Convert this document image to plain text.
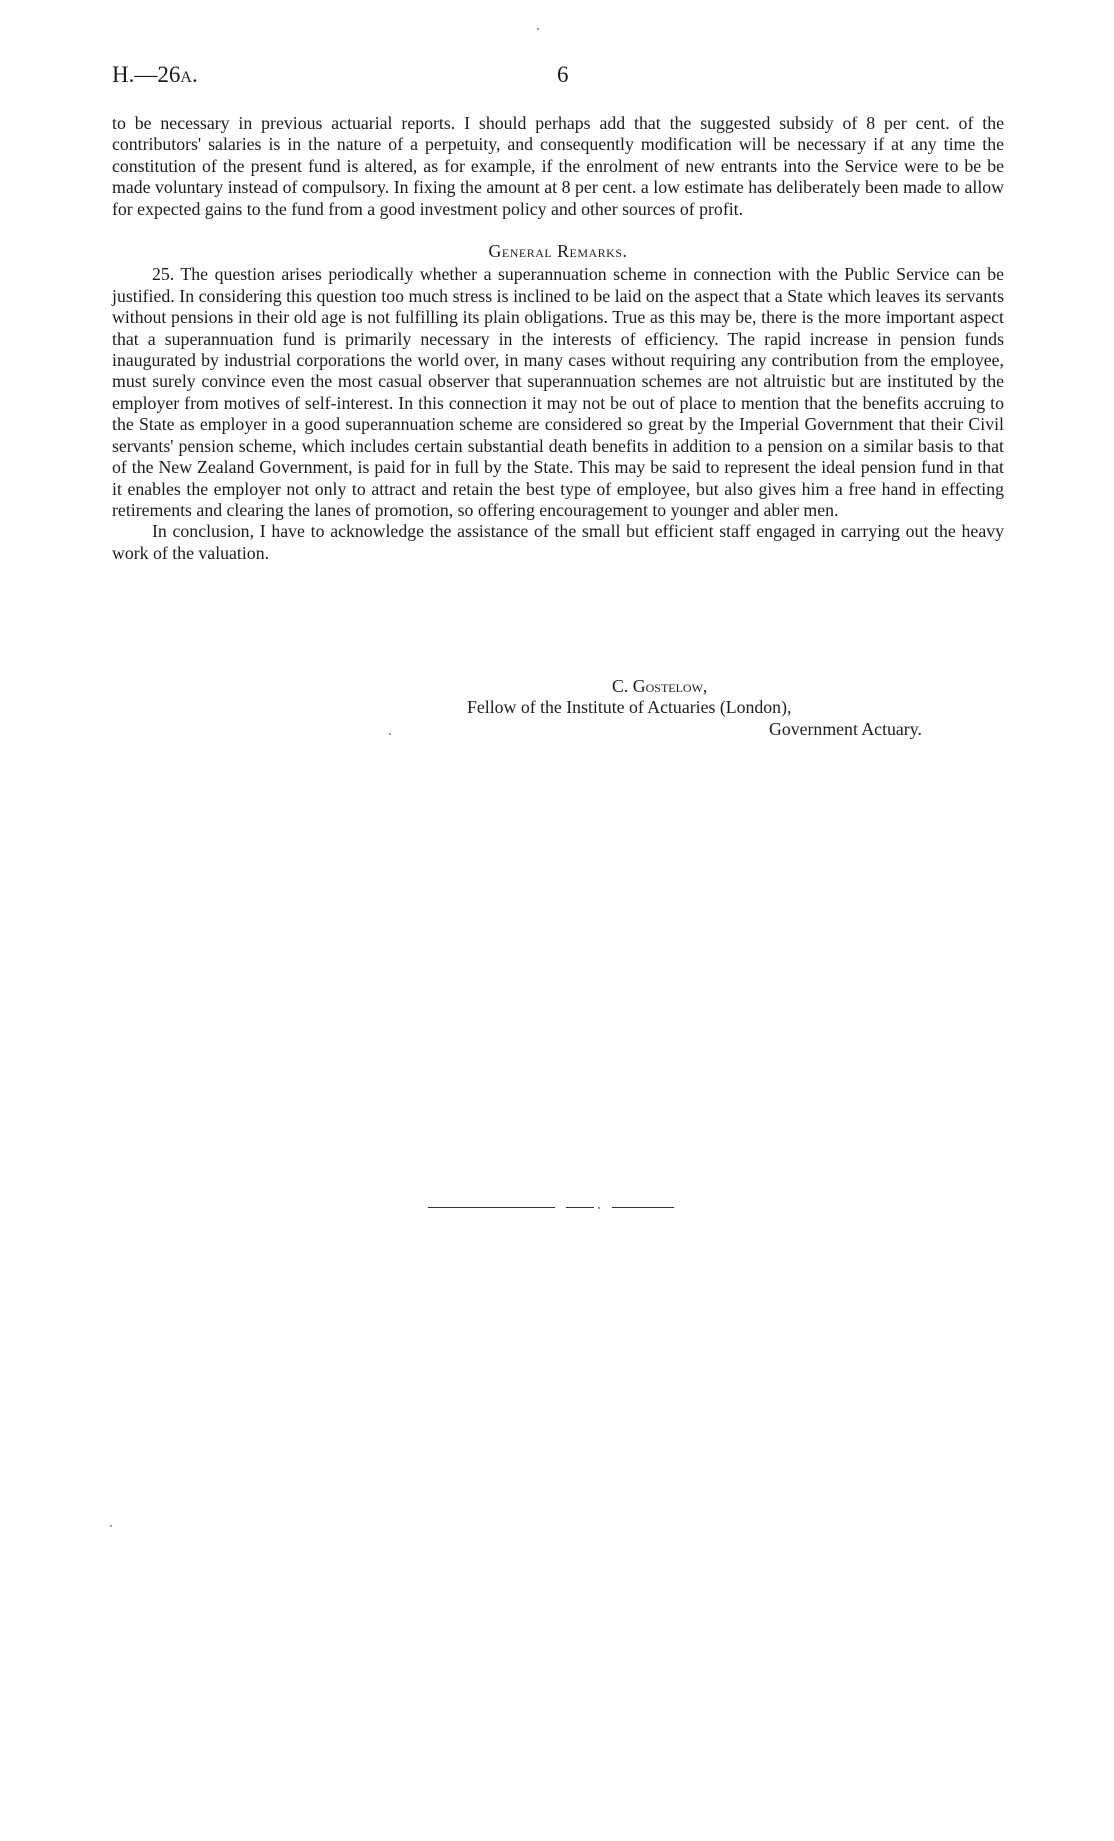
H.—26A.	6

to be necessary in previous actuarial reports. I should perhaps add that the suggested subsidy of 8 per cent. of the contributors' salaries is in the nature of a perpetuity, and consequently modification will be necessary if at any time the constitution of the present fund is altered, as for example, if the enrolment of new entrants into the Service were to be be made voluntary instead of compulsory. In fixing the amount at 8 per cent. a low estimate has deliberately been made to allow for expected gains to the fund from a good investment policy and other sources of profit.

General Remarks.

25. The question arises periodically whether a superannuation scheme in connection with the Public Service can be justified. In considering this question too much stress is inclined to be laid on the aspect that a State which leaves its servants without pensions in their old age is not fulfilling its plain obligations. True as this may be, there is the more important aspect that a superannuation fund is primarily necessary in the interests of efficiency. The rapid increase in pension funds inaugurated by industrial corporations the world over, in many cases without requiring any contribution from the employee, must surely convince even the most casual observer that superannuation schemes are not altruistic but are instituted by the employer from motives of self-interest. In this connection it may not be out of place to mention that the benefits accruing to the State as employer in a good superannuation scheme are considered so great by the Imperial Government that their Civil servants' pension scheme, which includes certain substantial death benefits in addition to a pension on a similar basis to that of the New Zealand Government, is paid for in full by the State. This may be said to represent the ideal pension fund in that it enables the employer not only to attract and retain the best type of employee, but also gives him a free hand in effecting retirements and clearing the lanes of promotion, so offering encouragement to younger and abler men.

In conclusion, I have to acknowledge the assistance of the small but efficient staff engaged in carrying out the heavy work of the valuation.

C. Gostelow,

Fellow of the Institute of Actuaries (London),

Government Actuary.
